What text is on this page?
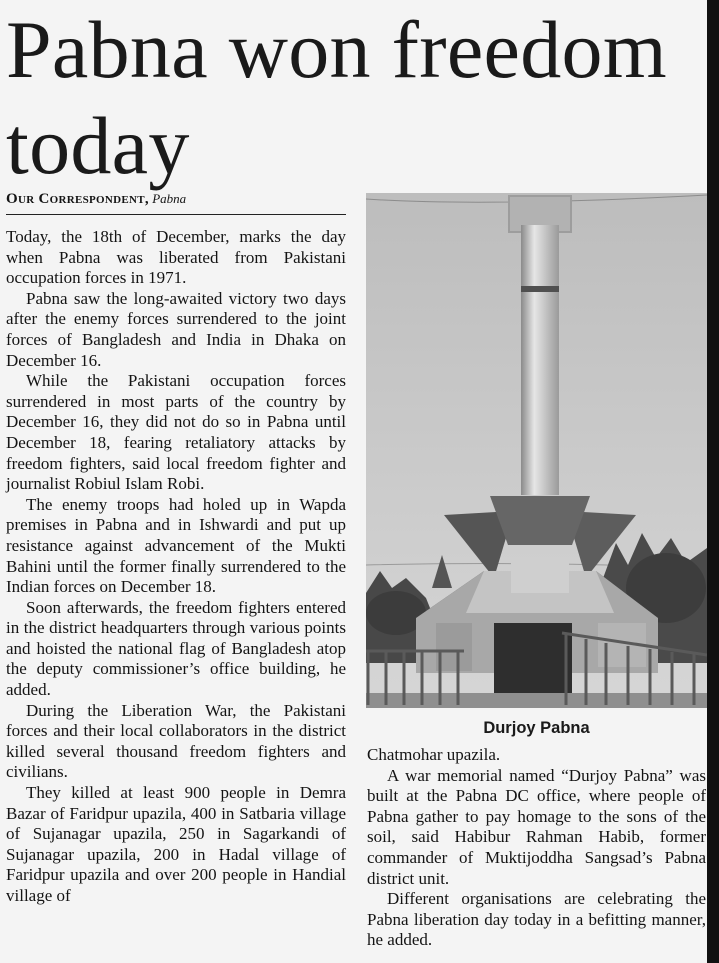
Pabna won freedom today
Our Correspondent, Pabna

Today, the 18th of December, marks the day when Pabna was liberated from Pakistani occupation forces in 1971.

Pabna saw the long-awaited victory two days after the enemy forces surrendered to the joint forces of Bangladesh and India in Dhaka on December 16.

While the Pakistani occupation forces surrendered in most parts of the country by December 16, they did not do so in Pabna until December 18, fearing retaliatory attacks by freedom fighters, said local freedom fighter and journalist Robiul Islam Robi.

The enemy troops had holed up in Wapda premises in Pabna and in Ishwardi and put up resistance against advancement of the Mukti Bahini until the former finally surrendered to the Indian forces on December 18.

Soon afterwards, the freedom fighters entered in the district headquarters through various points and hoisted the national flag of Bangladesh atop the deputy commissioner’s office building, he added.

During the Liberation War, the Pakistani forces and their local collaborators in the district killed several thousand freedom fighters and civilians.

They killed at least 900 people in Demra Bazar of Faridpur upazila, 400 in Satbaria village of Sujanagar upazila, 250 in Sagarkandi of Sujanagar upazila, 200 in Hadal village of Faridpur upazila and over 200 people in Handial village of

Durjoy Pabna

Chatmohar upazila.

A war memorial named “Durjoy Pabna” was built at the Pabna DC office, where people of Pabna gather to pay homage to the sons of the soil, said Habibur Rahman Habib, former commander of Muktijoddha Sangsad’s Pabna district unit.

Different organisations are celebrating the Pabna liberation day today in a befitting manner, he added.
